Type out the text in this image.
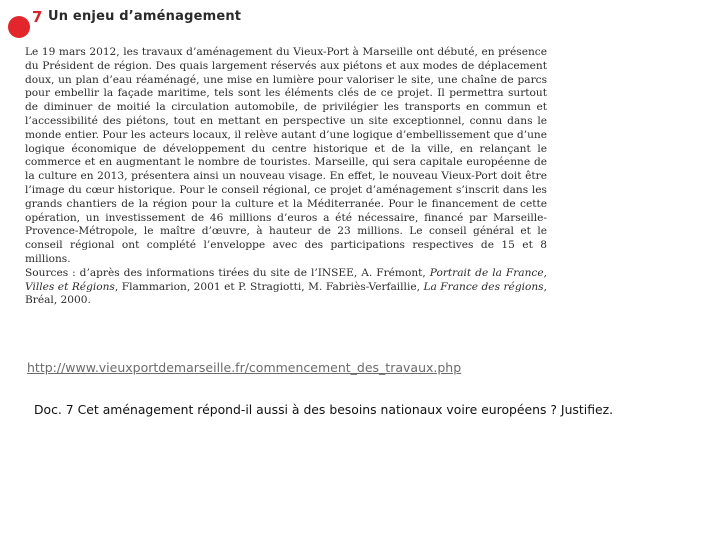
7 Un enjeu d’aménagement

Le 19 mars 2012, les travaux d’aménagement du Vieux-Port à Marseille ont débuté, en présence du Président de région. Des quais largement réservés aux piétons et aux modes de déplacement doux, un plan d’eau réaménagé, une mise en lumière pour valoriser le site, une chaîne de parcs pour embellir la façade maritime, tels sont les éléments clés de ce projet. Il permettra surtout de diminuer de moitié la circulation automobile, de privilégier les transports en commun et l’accessibilité des piétons, tout en mettant en perspective un site exceptionnel, connu dans le monde entier. Pour les acteurs locaux, il relève autant d’une logique d’embellissement que d’une logique économique de développement du centre historique et de la ville, en relançant le commerce et en augmentant le nombre de touristes. Marseille, qui sera capitale européenne de la culture en 2013, présentera ainsi un nouveau visage. En effet, le nouveau Vieux-Port doit être l’image du cœur historique. Pour le conseil régional, ce projet d’aménagement s’inscrit dans les grands chantiers de la région pour la culture et la Méditerranée. Pour le financement de cette opération, un investissement de 46 millions d’euros a été nécessaire, financé par Marseille-Provence-Métropole, le maître d’œuvre, à hauteur de 23 millions. Le conseil général et le conseil régional ont complété l’enveloppe avec des participations respectives de 15 et 8 millions.

Sources : d’après des informations tirées du site de l’INSEE, A. Frémont, Portrait de la France, Villes et Régions, Flammarion, 2001 et P. Stragiotti, M. Fabriès-Verfaillie, La France des régions, Bréal, 2000.

http://www.vieuxportdemarseille.fr/commencement_des_travaux.php
Doc. 7 Cet aménagement répond-il aussi à des besoins nationaux voire européens ? Justifiez.
